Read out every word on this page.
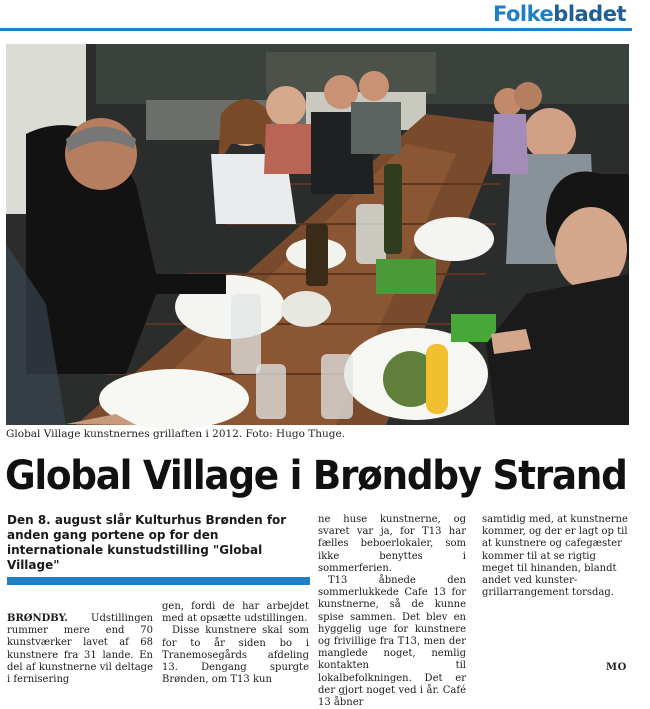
Folkebladet
Global Village kunstnernes grillaften i 2012. Foto: Hugo Thuge.
Global Village i Brøndby Strand
Den 8. august slår Kulturhus Brønden for anden gang portene op for den internationale kunstudstilling "Global Village"

BRØNDBY. Udstillingen rummer mere end 70 kunstværker lavet af 68 kunstnere fra 31 lande. En del af kunstnerne vil deltage i fernisering

gen, fordi de har arbejdet med at opsætte udstillingen.

Disse kunstnere skal som for to år siden bo i Tranemosegårds afdeling 13. Dengang spurgte Brønden, om T13 kun

ne huse kunstnerne, og svaret var ja, for T13 har fælles beboerlokaler, som ikke benyttes i sommerferien.

T13 åbnede den sommerlukkede Cafe 13 for kunstnerne, så de kunne spise sammen. Det blev en hyggelig uge for kunstnere og frivillige fra T13, men der manglede noget, nemlig kontakten til lokalbefolkningen. Det er der gjort noget ved i år. Café 13 åbner

samtidig med, at kunstnerne kommer, og der er lagt op til at kunstnere og cafegæster kommer til at se rigtig meget til hinanden, blandt andet ved kunster-grillarrangement torsdag.

MO
